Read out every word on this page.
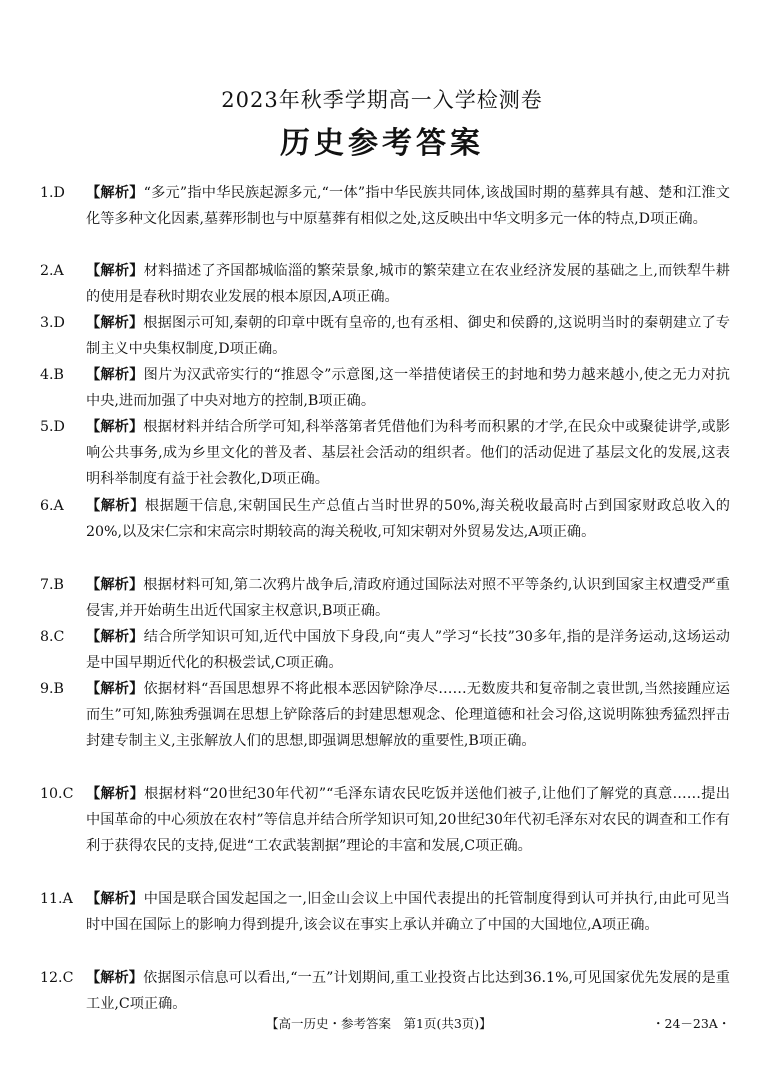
2023年秋季学期高一入学检测卷
历史参考答案
1.D	【解析】“多元”指中华民族起源多元,“一体”指中华民族共同体,该战国时期的墓葬具有越、楚和江淮文化等多种文化因素,墓葬形制也与中原墓葬有相似之处,这反映出中华文明多元一体的特点,D项正确。
2.A	【解析】材料描述了齐国都城临淄的繁荣景象,城市的繁荣建立在农业经济发展的基础之上,而铁犁牛耕的使用是春秋时期农业发展的根本原因,A项正确。
3.D	【解析】根据图示可知,秦朝的印章中既有皇帝的,也有丞相、御史和侯爵的,这说明当时的秦朝建立了专制主义中央集权制度,D项正确。
4.B	【解析】图片为汉武帝实行的“推恩令”示意图,这一举措使诸侯王的封地和势力越来越小,使之无力对抗中央,进而加强了中央对地方的控制,B项正确。
5.D	【解析】根据材料并结合所学可知,科举落第者凭借他们为科考而积累的才学,在民众中或聚徒讲学,或影响公共事务,成为乡里文化的普及者、基层社会活动的组织者。他们的活动促进了基层文化的发展,这表明科举制度有益于社会教化,D项正确。
6.A	【解析】根据题干信息,宋朝国民生产总值占当时世界的50%,海关税收最高时占到国家财政总收入的20%,以及宋仁宗和宋高宗时期较高的海关税收,可知宋朝对外贸易发达,A项正确。
7.B	【解析】根据材料可知,第二次鸦片战争后,清政府通过国际法对照不平等条约,认识到国家主权遭受严重侵害,并开始萌生出近代国家主权意识,B项正确。
8.C	【解析】结合所学知识可知,近代中国放下身段,向“夷人”学习“长技”30多年,指的是洋务运动,这场运动是中国早期近代化的积极尝试,C项正确。
9.B	【解析】依据材料“吾国思想界不将此根本恶因铲除净尽……无数废共和复帝制之袁世凯,当然接踵应运而生”可知,陈独秀强调在思想上铲除落后的封建思想观念、伦理道德和社会习俗,这说明陈独秀猛烈抨击封建专制主义,主张解放人们的思想,即强调思想解放的重要性,B项正确。
10.C 【解析】根据材料“20世纪30年代初”“毛泽东请农民吃饭并送他们被子,让他们了解党的真意……提出中国革命的中心须放在农村”等信息并结合所学知识可知,20世纪30年代初毛泽东对农民的调查和工作有利于获得农民的支持,促进“工农武装割据”理论的丰富和发展,C项正确。
11.A 【解析】中国是联合国发起国之一,旧金山会议上中国代表提出的托管制度得到认可并执行,由此可见当时中国在国际上的影响力得到提升,该会议在事实上承认并确立了中国的大国地位,A项正确。
12.C 【解析】依据图示信息可以看出,“一五”计划期间,重工业投资占比达到36.1%,可见国家优先发展的是重工业,C项正确。
【高一历史・参考答案　第1页(共3页)】	・24－23A・
